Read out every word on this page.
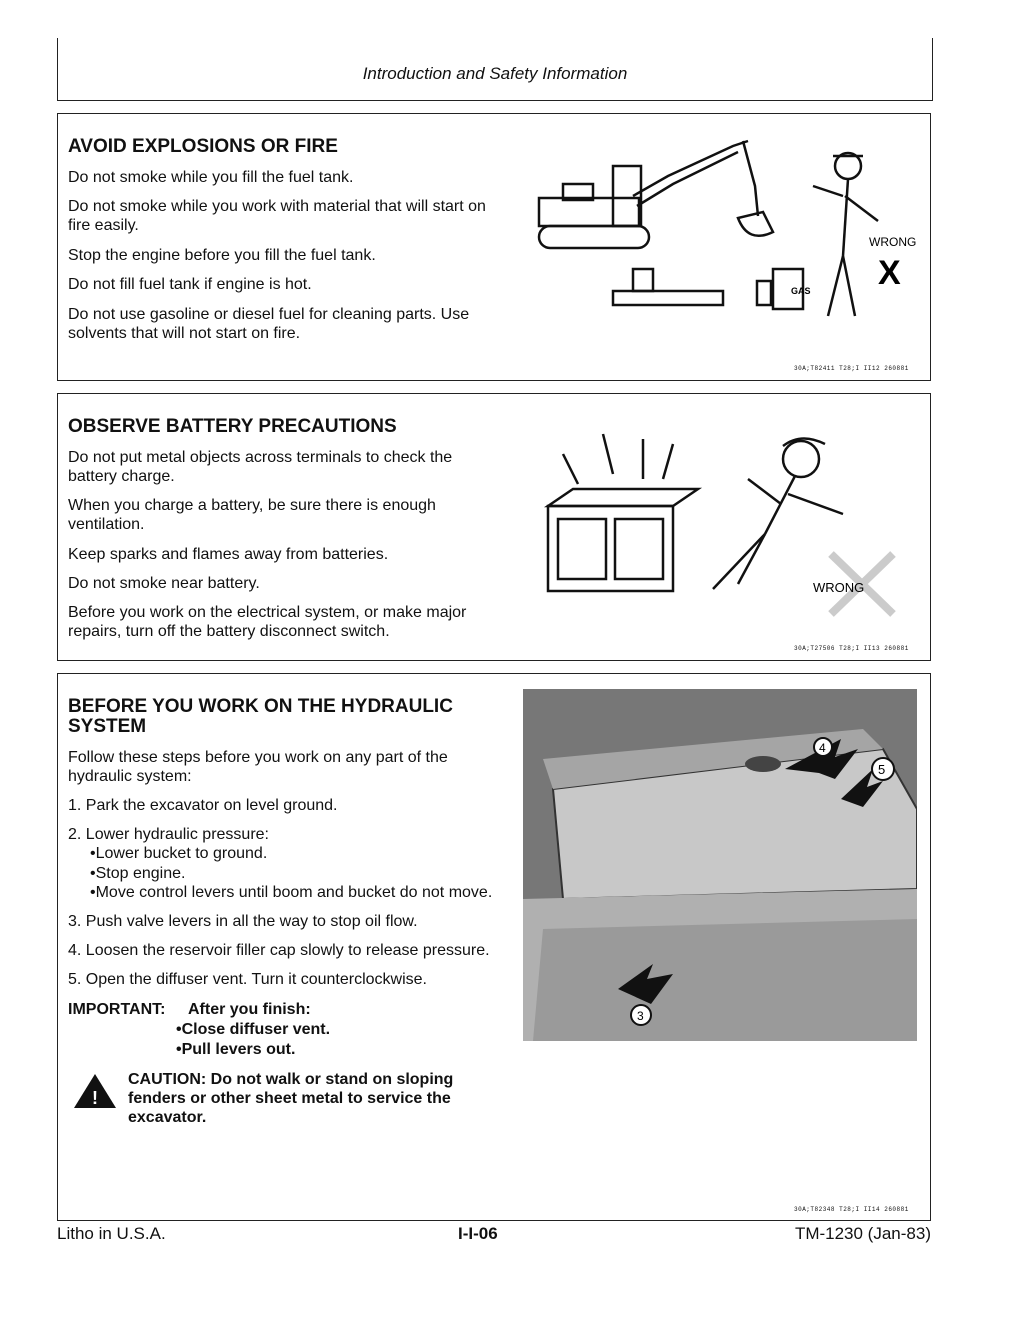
Introduction and Safety Information
AVOID EXPLOSIONS OR FIRE
Do not smoke while you fill the fuel tank.
Do not smoke while you work with material that will start on fire easily.
Stop the engine before you fill the fuel tank.
Do not fill fuel tank if engine is hot.
Do not use gasoline or diesel fuel for cleaning parts. Use solvents that will not start on fire.
GAS
WRONG
X
30A;T82411 T28;I II12 260881
OBSERVE BATTERY PRECAUTIONS
Do not put metal objects across terminals to check the battery charge.
When you charge a battery, be sure there is enough ventilation.
Keep sparks and flames away from batteries.
Do not smoke near battery.
Before you work on the electrical system, or make major repairs, turn off the battery disconnect switch.
WRONG
30A;T27506 T28;I II13 260881
BEFORE YOU WORK ON THE HYDRAULIC
SYSTEM
Follow these steps before you work on any part of the hydraulic system:
1. Park the excavator on level ground.
2. Lower hydraulic pressure:
•Lower bucket to ground.
•Stop engine.
•Move control levers until boom and bucket do not move.
3. Push valve levers in all the way to stop oil flow.
4. Loosen the reservoir filler cap slowly to release pressure.
5. Open the diffuser vent. Turn it counterclockwise.
IMPORTANT: After you finish:
•Close diffuser vent.
•Pull levers out.
!
CAUTION: Do not walk or stand on sloping fenders or other sheet metal to service the excavator.
4
5
3
30A;T82348 T28;I II14 260881
Litho in U.S.A.	I-I-06	TM-1230 (Jan-83)
